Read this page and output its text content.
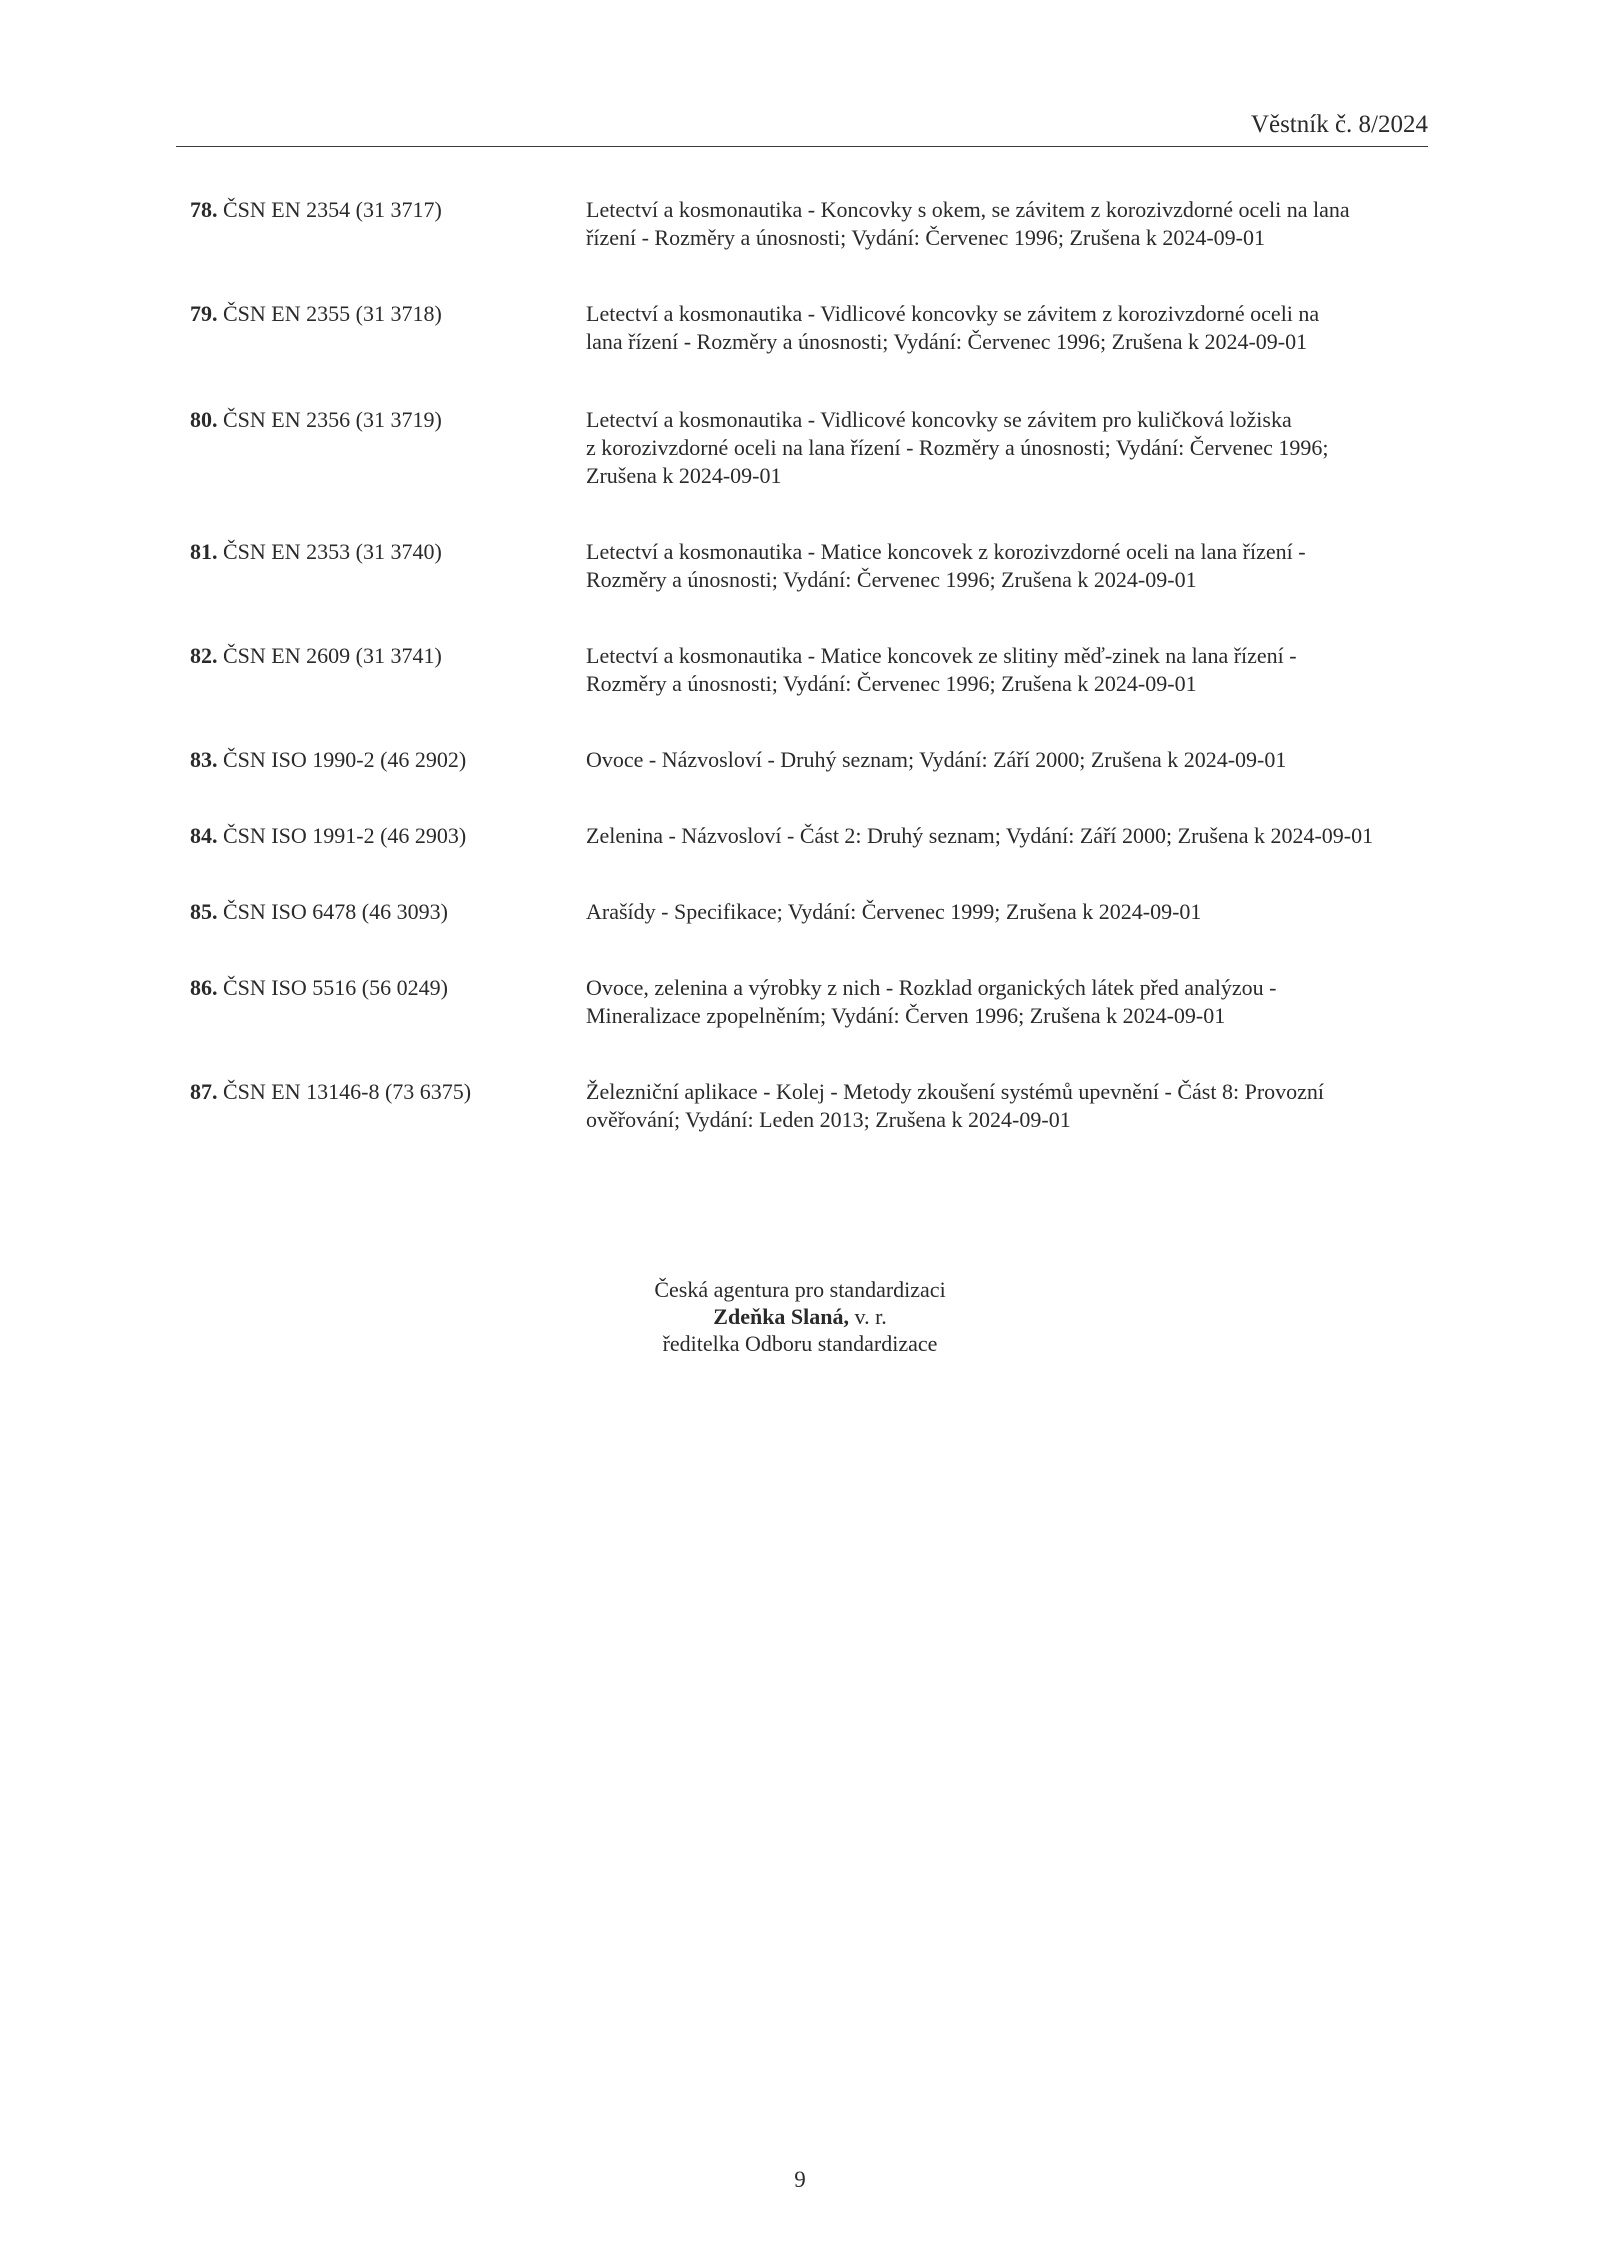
Věstník č. 8/2024
78. ČSN EN 2354 (31 3717)	Letectví a kosmonautika - Koncovky s okem, se závitem z korozivzdorné oceli na lana
řízení - Rozměry a únosnosti; Vydání: Červenec 1996; Zrušena k 2024-09-01
79. ČSN EN 2355 (31 3718)	Letectví a kosmonautika - Vidlicové koncovky se závitem z korozivzdorné oceli na
lana řízení - Rozměry a únosnosti; Vydání: Červenec 1996; Zrušena k 2024-09-01
80. ČSN EN 2356 (31 3719)	Letectví a kosmonautika - Vidlicové koncovky se závitem pro kuličková ložiska
z korozivzdorné oceli na lana řízení - Rozměry a únosnosti; Vydání: Červenec 1996;
Zrušena k 2024-09-01
81. ČSN EN 2353 (31 3740)	Letectví a kosmonautika - Matice koncovek z korozivzdorné oceli na lana řízení -
Rozměry a únosnosti; Vydání: Červenec 1996; Zrušena k 2024-09-01
82. ČSN EN 2609 (31 3741)	Letectví a kosmonautika - Matice koncovek ze slitiny měď-zinek na lana řízení -
Rozměry a únosnosti; Vydání: Červenec 1996; Zrušena k 2024-09-01
83. ČSN ISO 1990-2 (46 2902)	Ovoce - Názvosloví - Druhý seznam; Vydání: Září 2000; Zrušena k 2024-09-01
84. ČSN ISO 1991-2 (46 2903)	Zelenina - Názvosloví - Část 2: Druhý seznam; Vydání: Září 2000; Zrušena k 2024-09-01
85. ČSN ISO 6478 (46 3093)	Arašídy - Specifikace; Vydání: Červenec 1999; Zrušena k 2024-09-01
86. ČSN ISO 5516 (56 0249)	Ovoce, zelenina a výrobky z nich - Rozklad organických látek před analýzou -
Mineralizace zpopelněním; Vydání: Červen 1996; Zrušena k 2024-09-01
87. ČSN EN 13146-8 (73 6375)	Železniční aplikace - Kolej - Metody zkoušení systémů upevnění - Část 8: Provozní
ověřování; Vydání: Leden 2013; Zrušena k 2024-09-01
Česká agentura pro standardizaci
Zdeňka Slaná, v. r.
ředitelka Odboru standardizace
9
